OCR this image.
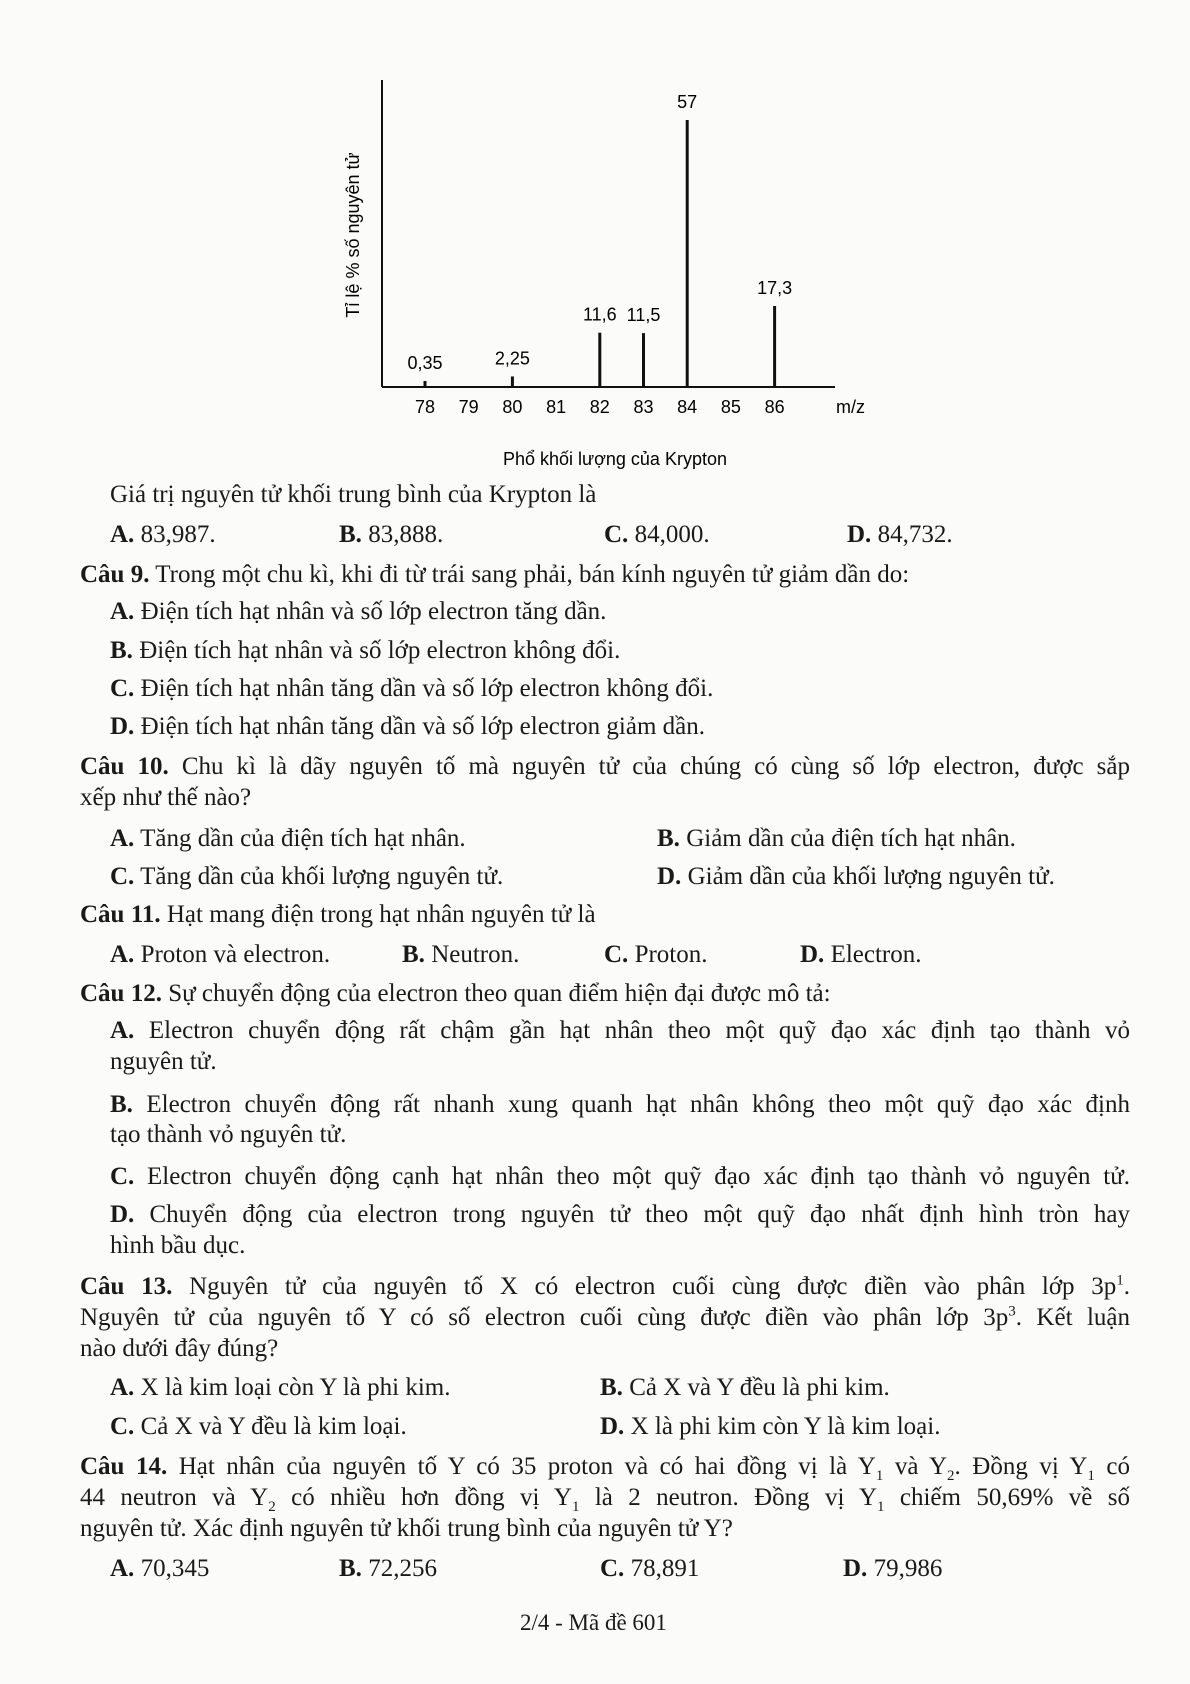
Tỉ lệ % số nguyên tử
m/z
Phổ khối lượng của Krypton
0,35	2,25
11,6 11,5
57
17,3
78 79 80 81 82 83 84 85 86
Giá trị nguyên tử khối trung bình của Krypton là
A. 83,987.	B. 83,888.	C. 84,000.	D. 84,732.
Câu 9. Trong một chu kì, khi đi từ trái sang phải, bán kính nguyên tử giảm dần do:
A. Điện tích hạt nhân và số lớp electron tăng dần.
B. Điện tích hạt nhân và số lớp electron không đổi.
C. Điện tích hạt nhân tăng dần và số lớp electron không đổi.
D. Điện tích hạt nhân tăng dần và số lớp electron giảm dần.
Câu 10. Chu kì là dãy nguyên tố mà nguyên tử của chúng có cùng số lớp electron, được sắp
xếp như thế nào?
A. Tăng dần của điện tích hạt nhân.	B. Giảm dần của điện tích hạt nhân.
C. Tăng dần của khối lượng nguyên tử.	D. Giảm dần của khối lượng nguyên tử.
Câu 11. Hạt mang điện trong hạt nhân nguyên tử là
A. Proton và electron.	B. Neutron.	C. Proton.	D. Electron.
Câu 12. Sự chuyển động của electron theo quan điểm hiện đại được mô tả:
A. Electron chuyển động rất chậm gần hạt nhân theo một quỹ đạo xác định tạo thành vỏ
nguyên tử.
B. Electron chuyển động rất nhanh xung quanh hạt nhân không theo một quỹ đạo xác định
tạo thành vỏ nguyên tử.
C. Electron chuyển động cạnh hạt nhân theo một quỹ đạo xác định tạo thành vỏ nguyên tử.
D. Chuyển động của electron trong nguyên tử theo một quỹ đạo nhất định hình tròn hay
hình bầu dục.
Câu 13. Nguyên tử của nguyên tố X có electron cuối cùng được điền vào phân lớp $3p^1$.
Nguyên tử của nguyên tố Y có số electron cuối cùng được điền vào phân lớp $3p^3$. Kết luận
nào dưới đây đúng?
A. X là kim loại còn Y là phi kim.	B. Cả X và Y đều là phi kim.
C. Cả X và Y đều là kim loại.	D. X là phi kim còn Y là kim loại.
Câu 14. Hạt nhân của nguyên tố Y có 35 proton và có hai đồng vị là $Y_1$ và $Y_2$. Đồng vị $Y_1$ có
44 neutron và $Y_2$ có nhiều hơn đồng vị $Y_1$ là 2 neutron. Đồng vị $Y_1$ chiếm 50,69% về số
nguyên tử. Xác định nguyên tử khối trung bình của nguyên tử Y?
A. 70,345	B. 72,256	C. 78,891	D. 79,986
2/4 - Mã đề 601
